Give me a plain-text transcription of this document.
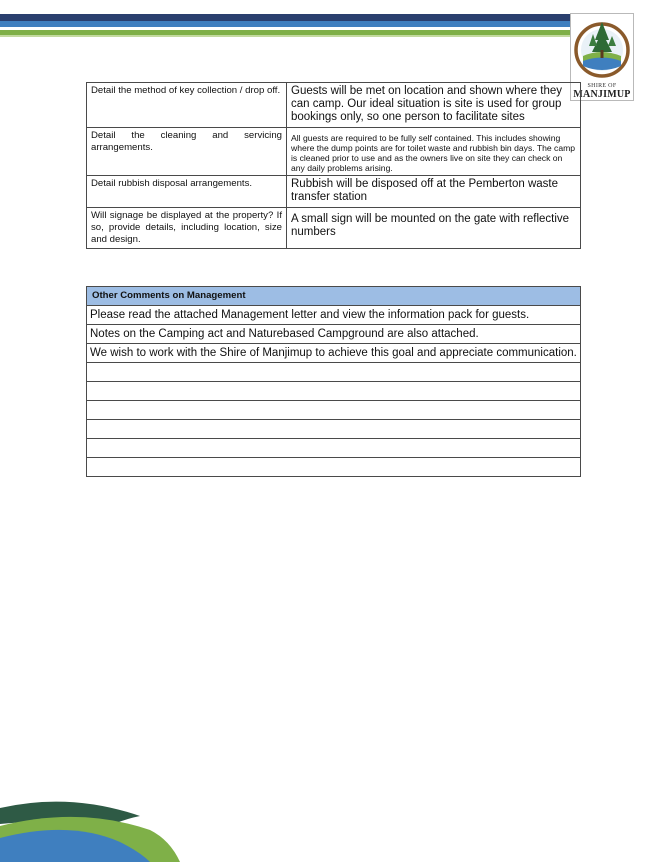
SHIRE OF
MANJIMUP
Detail the method of key collection / drop off.	Guests will be met on location and shown where they can camp. Our ideal situation is site is used for group bookings only, so one person to facilitate sites
Detail the cleaning and servicing arrangements.	All guests are required to be fully self contained. This includes showing where the dump points are for toilet waste and rubbish bin days. The camp is cleaned prior to use and as the owners live on site they can check on any daily problems arising.
Detail rubbish disposal arrangements.	Rubbish will be disposed off at the Pemberton waste transfer station
Will signage be displayed at the property? If so, provide details, including location, size and design.	A small sign will be mounted on the gate with reflective numbers
Other Comments on Management
Please read the attached Management letter and view the information pack for guests.
Notes on the Camping act and Naturebased Campground are also attached.
We wish to work with the Shire of Manjimup to achieve this goal and appreciate communication.
